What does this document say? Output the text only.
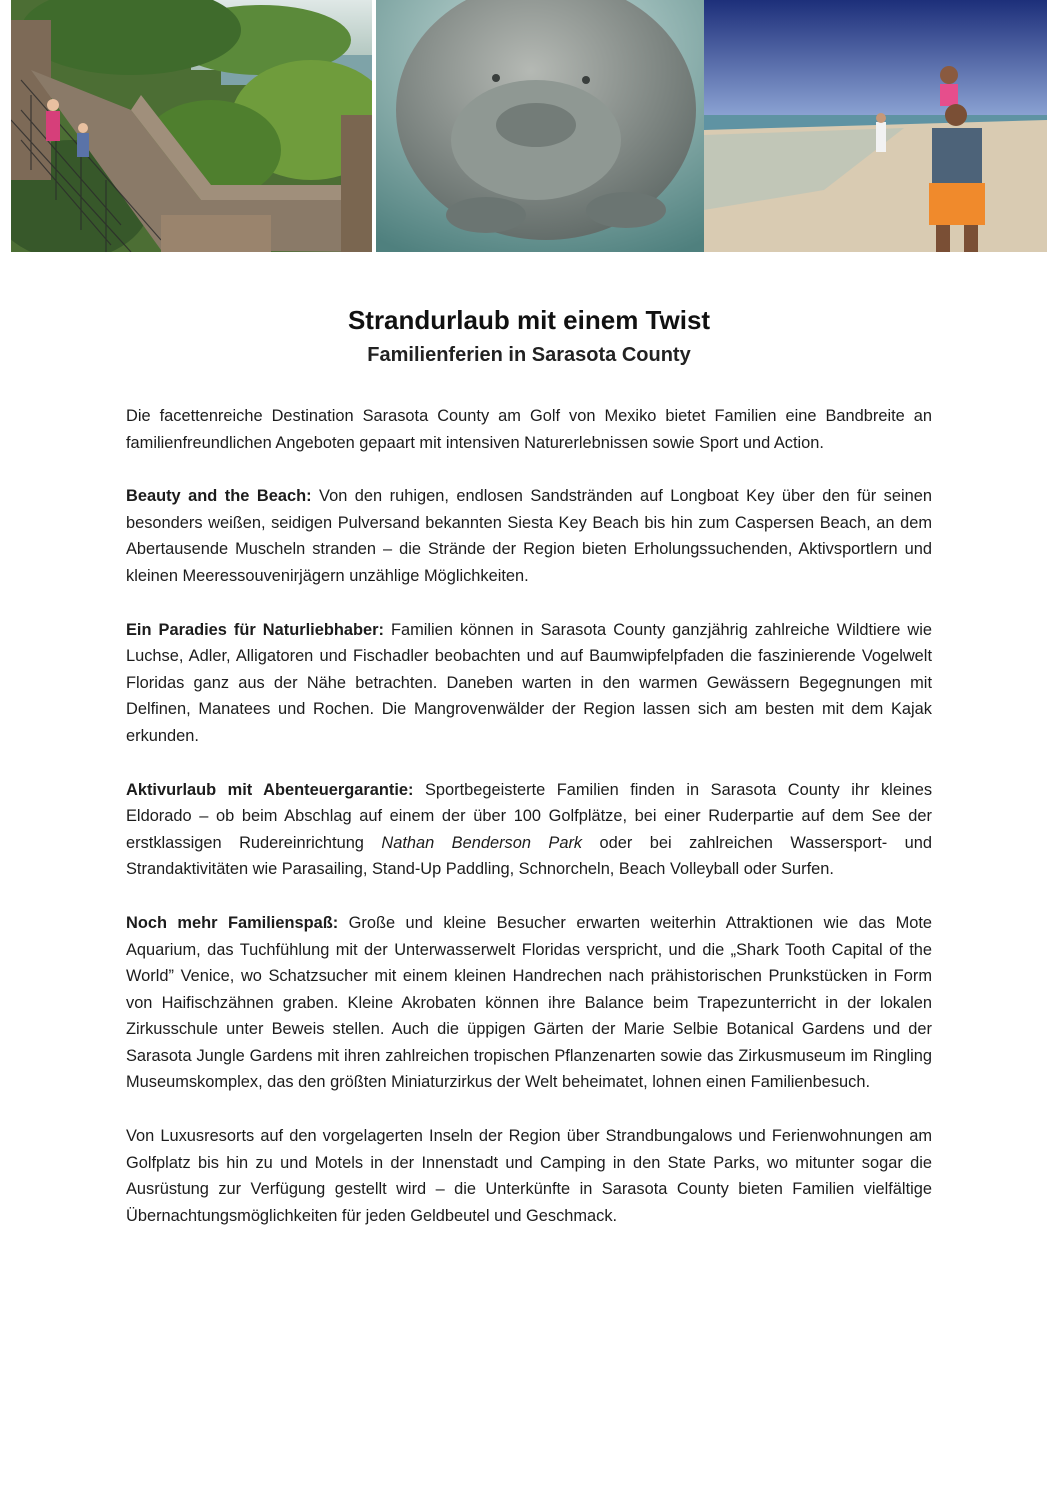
Strandurlaub mit einem Twist
Familienferien in Sarasota County

Die facettenreiche Destination Sarasota County am Golf von Mexiko bietet Familien eine Bandbreite an familienfreundlichen Angeboten gepaart mit intensiven Naturerlebnissen sowie Sport und Action.

Beauty and the Beach: Von den ruhigen, endlosen Sandstränden auf Longboat Key über den für seinen besonders weißen, seidigen Pulversand bekannten Siesta Key Beach bis hin zum Caspersen Beach, an dem Abertausende Muscheln stranden – die Strände der Region bieten Erholungssuchenden, Aktivsportlern und kleinen Meeressouvenirjägern unzählige Möglichkeiten.

Ein Paradies für Naturliebhaber: Familien können in Sarasota County ganzjährig zahlreiche Wildtiere wie Luchse, Adler, Alligatoren und Fischadler beobachten und auf Baumwipfelpfaden die faszinierende Vogelwelt Floridas ganz aus der Nähe betrachten. Daneben warten in den warmen Gewässern Begegnungen mit Delfinen, Manatees und Rochen. Die Mangrovenwälder der Region lassen sich am besten mit dem Kajak erkunden.

Aktivurlaub mit Abenteuergarantie: Sportbegeisterte Familien finden in Sarasota County ihr kleines Eldorado – ob beim Abschlag auf einem der über 100 Golfplätze, bei einer Ruderpartie auf dem See der erstklassigen Rudereinrichtung Nathan Benderson Park oder bei zahlreichen Wassersport- und Strandaktivitäten wie Parasailing, Stand-Up Paddling, Schnorcheln, Beach Volleyball oder Surfen.

Noch mehr Familienspaß: Große und kleine Besucher erwarten weiterhin Attraktionen wie das Mote Aquarium, das Tuchfühlung mit der Unterwasserwelt Floridas verspricht, und die „Shark Tooth Capital of the World” Venice, wo Schatzsucher mit einem kleinen Handrechen nach prähistorischen Prunkstücken in Form von Haifischzähnen graben. Kleine Akrobaten können ihre Balance beim Trapezunterricht in der lokalen Zirkusschule unter Beweis stellen. Auch die üppigen Gärten der Marie Selbie Botanical Gardens und der Sarasota Jungle Gardens mit ihren zahlreichen tropischen Pflanzenarten sowie das Zirkusmuseum im Ringling Museumskomplex, das den größten Miniaturzirkus der Welt beheimatet, lohnen einen Familienbesuch.

Von Luxusresorts auf den vorgelagerten Inseln der Region über Strandbungalows und Ferienwohnungen am Golfplatz bis hin zu und Motels in der Innenstadt und Camping in den State Parks, wo mitunter sogar die Ausrüstung zur Verfügung gestellt wird – die Unterkünfte in Sarasota County bieten Familien vielfältige Übernachtungsmöglichkeiten für jeden Geldbeutel und Geschmack.
